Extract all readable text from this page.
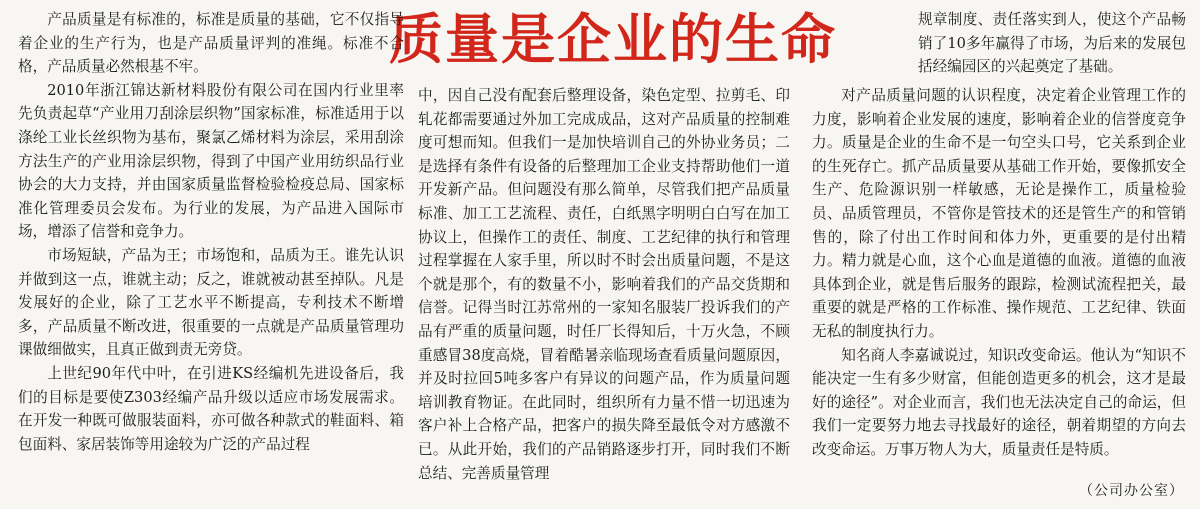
质量是企业的生命

产品质量是有标准的，标准是质量的基础，它不仅指导着企业的生产行为，也是产品质量评判的准绳。标准不合格，产品质量必然根基不牢。

2010年浙江锦达新材料股份有限公司在国内行业里率先负责起草“产业用刀刮涂层织物”国家标准，标准适用于以涤纶工业长丝织物为基布，聚氯乙烯材料为涂层，采用刮涂方法生产的产业用涂层织物，得到了中国产业用纺织品行业协会的大力支持，并由国家质量监督检验检疫总局、国家标准化管理委员会发布。为行业的发展，为产品进入国际市场，增添了信誉和竞争力。

市场短缺，产品为王；市场饱和，品质为王。谁先认识并做到这一点，谁就主动；反之，谁就被动甚至掉队。凡是发展好的企业，除了工艺水平不断提高，专利技术不断增多，产品质量不断改进，很重要的一点就是产品质量管理功课做细做实，且真正做到责无旁贷。

上世纪90年代中叶，在引进KS经编机先进设备后，我们的目标是要使Z303经编产品升级以适应市场发展需求。在开发一种既可做服装面料，亦可做各种款式的鞋面料、箱包面料、家居装饰等用途较为广泛的产品过程

中，因自己没有配套后整理设备，染色定型、拉剪毛、印轧花都需要通过外加工完成成品，这对产品质量的控制难度可想而知。但我们一是加快培训自己的外协业务员；二是选择有条件有设备的后整理加工企业支持帮助他们一道开发新产品。但问题没有那么简单，尽管我们把产品质量标准、加工工艺流程、责任，白纸黑字明明白白写在加工协议上，但操作工的责任、制度、工艺纪律的执行和管理过程掌握在人家手里，所以时不时会出质量问题，不是这个就是那个，有的数量不小，影响着我们的产品交货期和信誉。记得当时江苏常州的一家知名服装厂投诉我们的产品有严重的质量问题，时任厂长得知后，十万火急，不顾重感冒38度高烧，冒着酷暑亲临现场查看质量问题原因，并及时拉回5吨多客户有异议的问题产品，作为质量问题培训教育物证。在此同时，组织所有力量不惜一切迅速为客户补上合格产品，把客户的损失降至最低令对方感激不已。从此开始，我们的产品销路逐步打开，同时我们不断总结、完善质量管理

规章制度、责任落实到人，使这个产品畅销了10多年赢得了市场，为后来的发展包括经编园区的兴起奠定了基础。

对产品质量问题的认识程度，决定着企业管理工作的力度，影响着企业发展的速度，影响着企业的信誉度竞争力。质量是企业的生命不是一句空头口号，它关系到企业的生死存亡。抓产品质量要从基础工作开始，要像抓安全生产、危险源识别一样敏感，无论是操作工，质量检验员、品质管理员，不管你是管技术的还是管生产的和管销售的，除了付出工作时间和体力外，更重要的是付出精力。精力就是心血，这个心血是道德的血液。道德的血液具体到企业，就是售后服务的跟踪，检测试流程把关，最重要的就是严格的工作标准、操作规范、工艺纪律、铁面无私的制度执行力。

知名商人李嘉诚说过，知识改变命运。他认为“知识不能决定一生有多少财富，但能创造更多的机会，这才是最好的途径”。对企业而言，我们也无法决定自己的命运，但我们一定要努力地去寻找最好的途径，朝着期望的方向去改变命运。万事万物人为大，质量责任是特质。

（公司办公室）
